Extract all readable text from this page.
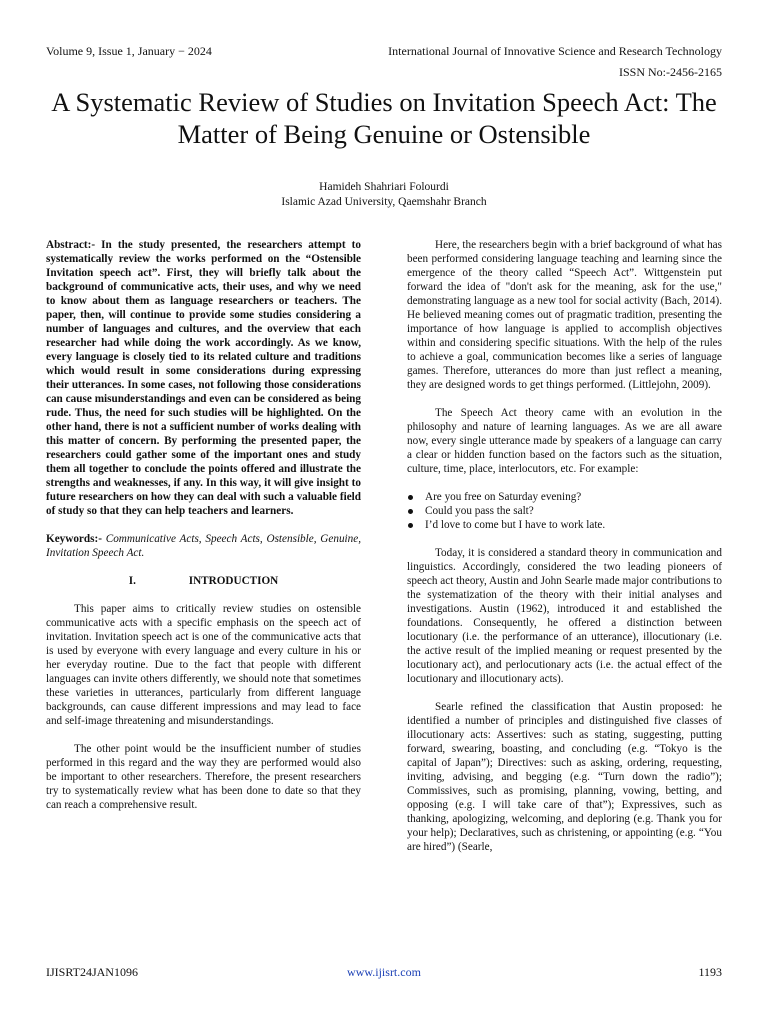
Volume 9, Issue 1, January − 2024	International Journal of Innovative Science and Research Technology
ISSN No:-2456-2165
A Systematic Review of Studies on Invitation Speech Act: The Matter of Being Genuine or Ostensible
Hamideh Shahriari Folourdi
Islamic Azad University, Qaemshahr Branch

Abstract:- In the study presented, the researchers attempt to systematically review the works performed on the “Ostensible Invitation speech act”. First, they will briefly talk about the background of communicative acts, their uses, and why we need to know about them as language researchers or teachers. The paper, then, will continue to provide some studies considering a number of languages and cultures, and the overview that each researcher had while doing the work accordingly. As we know, every language is closely tied to its related culture and traditions which would result in some considerations during expressing their utterances. In some cases, not following those considerations can cause misunderstandings and even can be considered as being rude. Thus, the need for such studies will be highlighted. On the other hand, there is not a sufficient number of works dealing with this matter of concern. By performing the presented paper, the researchers could gather some of the important ones and study them all together to conclude the points offered and illustrate the strengths and weaknesses, if any. In this way, it will give insight to future researchers on how they can deal with such a valuable field of study so that they can help teachers and learners.

Keywords:- Communicative Acts, Speech Acts, Ostensible, Genuine, Invitation Speech Act.

I.	INTRODUCTION

This paper aims to critically review studies on ostensible communicative acts with a specific emphasis on the speech act of invitation. Invitation speech act is one of the communicative acts that is used by everyone with every language and every culture in his or her everyday routine. Due to the fact that people with different languages can invite others differently, we should note that sometimes these varieties in utterances, particularly from different language backgrounds, can cause different impressions and may lead to face and self-image threatening and misunderstandings.

The other point would be the insufficient number of studies performed in this regard and the way they are performed would also be important to other researchers. Therefore, the present researchers try to systematically review what has been done to date so that they can reach a comprehensive result.

Here, the researchers begin with a brief background of what has been performed considering language teaching and learning since the emergence of the theory called “Speech Act”. Wittgenstein put forward the idea of "don't ask for the meaning, ask for the use," demonstrating language as a new tool for social activity (Bach, 2014). He believed meaning comes out of pragmatic tradition, presenting the importance of how language is applied to accomplish objectives within and considering specific situations. With the help of the rules to achieve a goal, communication becomes like a series of language games. Therefore, utterances do more than just reflect a meaning, they are designed words to get things performed. (Littlejohn, 2009).

The Speech Act theory came with an evolution in the philosophy and nature of learning languages. As we are all aware now, every single utterance made by speakers of a language can carry a clear or hidden function based on the factors such as the situation, culture, time, place, interlocutors, etc. For example:

Are you free on Saturday evening?
Could you pass the salt?
I’d love to come but I have to work late.

Today, it is considered a standard theory in communication and linguistics. Accordingly, considered the two leading pioneers of speech act theory, Austin and John Searle made major contributions to the systematization of the theory with their initial analyses and investigations. Austin (1962), introduced it and established the foundations. Consequently, he offered a distinction between locutionary (i.e. the performance of an utterance), illocutionary (i.e. the active result of the implied meaning or request presented by the locutionary act), and perlocutionary acts (i.e. the actual effect of the locutionary and illocutionary acts).

Searle refined the classification that Austin proposed: he identified a number of principles and distinguished five classes of illocutionary acts: Assertives: such as stating, suggesting, putting forward, swearing, boasting, and concluding (e.g. “Tokyo is the capital of Japan”); Directives: such as asking, ordering, requesting, inviting, advising, and begging (e.g. “Turn down the radio”); Commissives, such as promising, planning, vowing, betting, and opposing (e.g. I will take care of that”); Expressives, such as thanking, apologizing, welcoming, and deploring (e.g. Thank you for your help); Declaratives, such as christening, or appointing (e.g. “You are hired”) (Searle,

IJISRT24JAN1096	www.ijisrt.com	1193
